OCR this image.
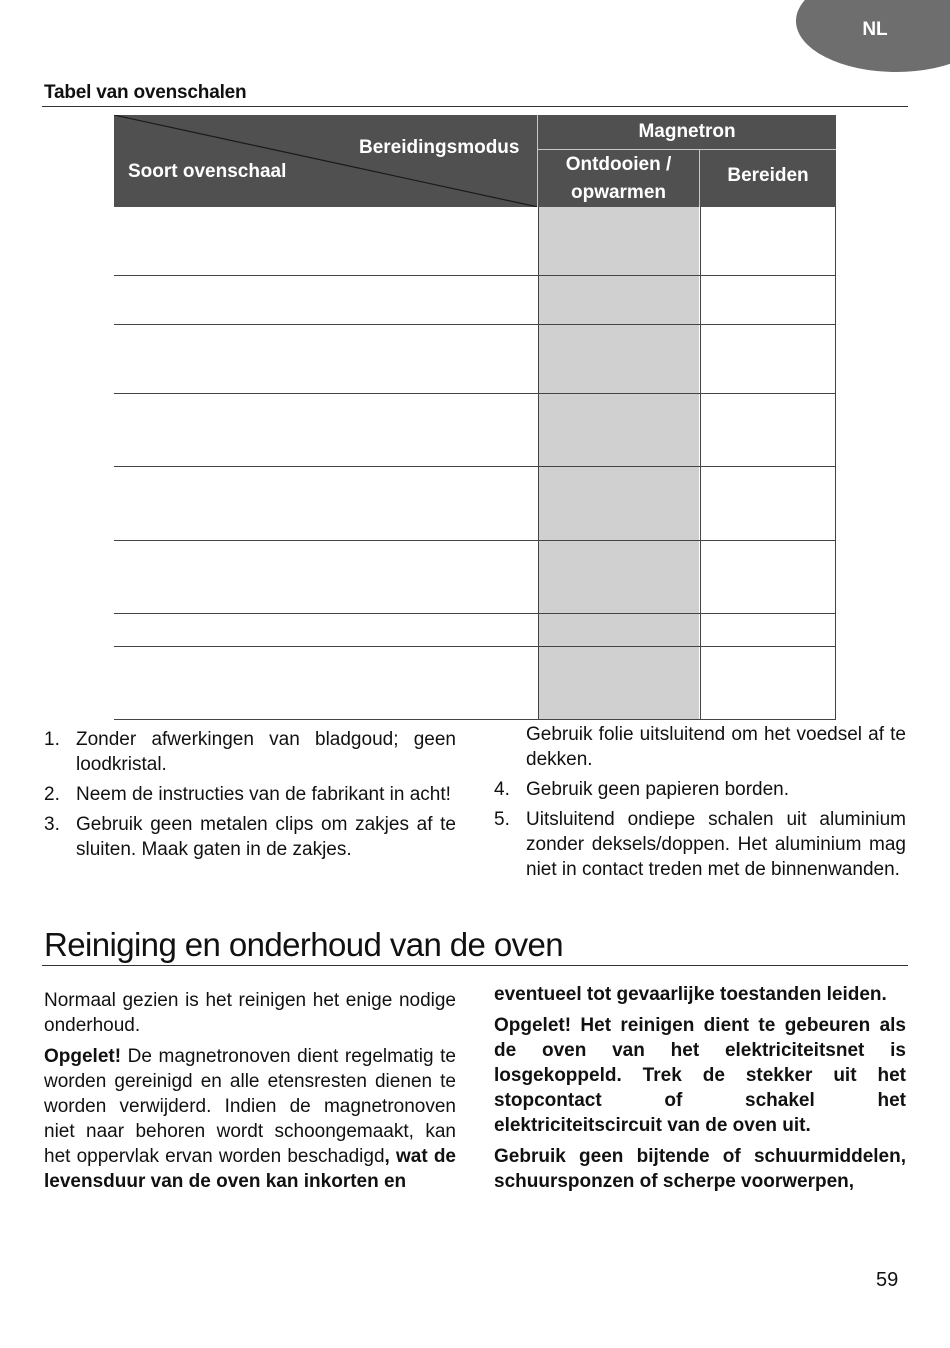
NL
Tabel van ovenschalen
Bereidingsmodus
Soort ovenschaal
Magnetron
Ontdooien / opwarmen
Bereiden
1. Zonder afwerkingen van bladgoud; geen loodkristal.
2. Neem de instructies van de fabrikant in acht!
3. Gebruik geen metalen clips om zakjes af te sluiten. Maak gaten in de zakjes.
Gebruik folie uitsluitend om het voedsel af te dekken.
4. Gebruik geen papieren borden.
5. Uitsluitend ondiepe schalen uit aluminium zonder deksels/doppen. Het aluminium mag niet in contact treden met de binnenwanden.
Reiniging en onderhoud van de oven
Normaal gezien is het reinigen het enige nodige onderhoud.
Opgelet! De magnetronoven dient regelmatig te worden gereinigd en alle etensresten dienen te worden verwijderd. Indien de magnetronoven niet naar behoren wordt schoongemaakt, kan het oppervlak ervan worden beschadigd, wat de levensduur van de oven kan inkorten en
eventueel tot gevaarlijke toestanden leiden.
Opgelet! Het reinigen dient te gebeuren als de oven van het elektriciteitsnet is losgekoppeld. Trek de stekker uit het stopcontact of schakel het elektriciteitscircuit van de oven uit.
Gebruik geen bijtende of schuurmiddelen, schuursponzen of scherpe voorwerpen,
59
